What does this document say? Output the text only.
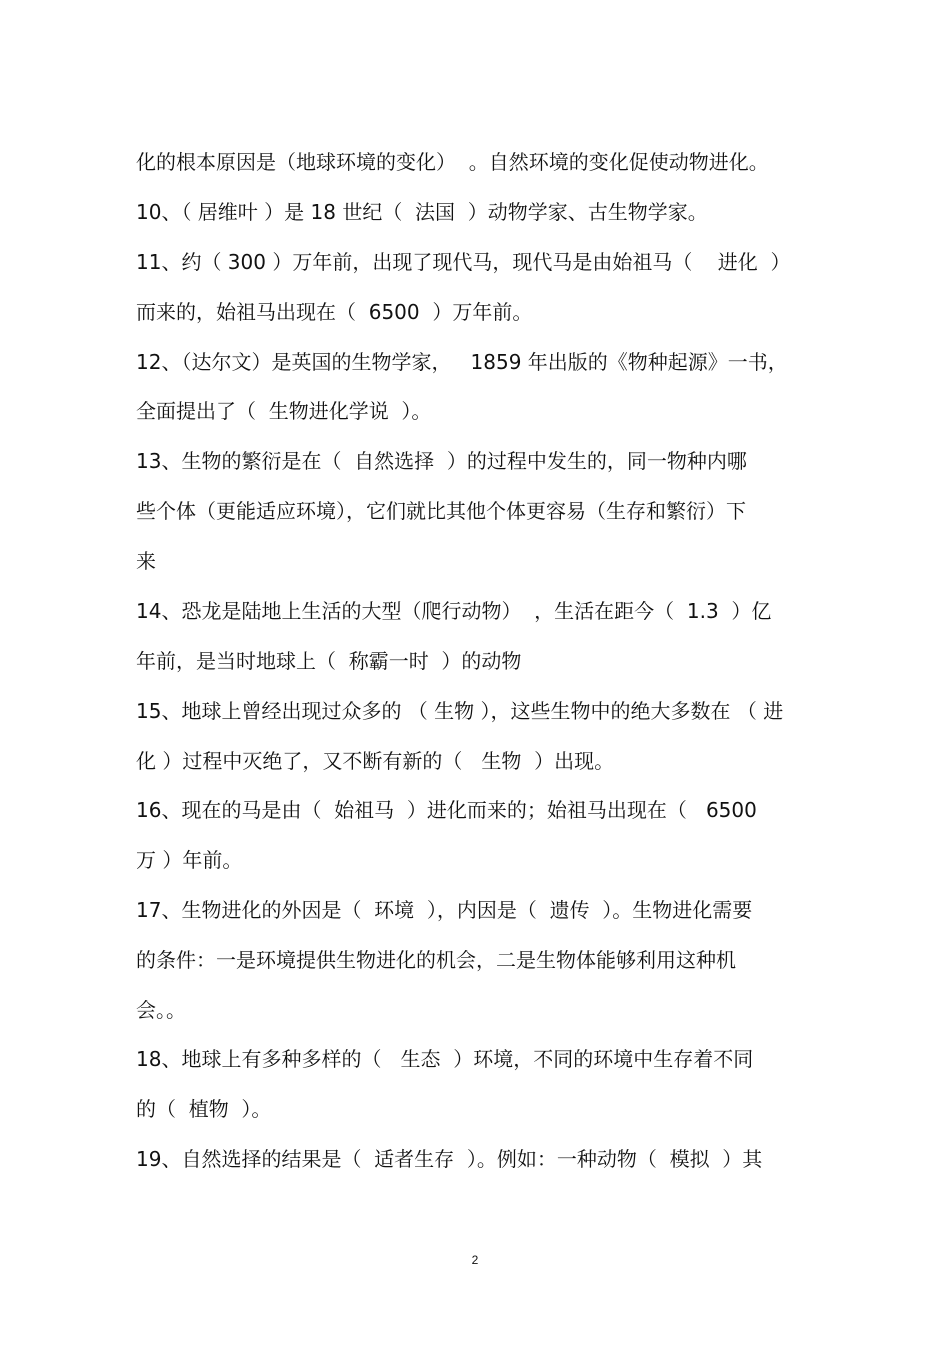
化的根本原因是（地球环境的变化）  。自然环境的变化促使动物进化。
10、（ 居维叶 ）是 18 世纪（  法国  ）动物学家、古生物学家。
11、约（ 300 ）万年前，出现了现代马，现代马是由始祖马（    进化  ）
而来的，始祖马出现在（  6500  ）万年前。
12、（达尔文）是英国的生物学家，   1859 年出版的《物种起源》一书，
全面提出了（  生物进化学说  ）。
13、生物的繁衍是在（  自然选择  ）的过程中发生的，同一物种内哪
些个体（更能适应环境），它们就比其他个体更容易（生存和繁衍）下
来
14、恐龙是陆地上生活的大型（爬行动物）  ，生活在距今（  1.3  ）亿
年前，是当时地球上（  称霸一时  ）的动物
15、地球上曾经出现过众多的 （ 生物 ），这些生物中的绝大多数在 （ 进
化 ）过程中灭绝了，又不断有新的（   生物  ）出现。
16、现在的马是由（  始祖马  ）进化而来的；始祖马出现在（   6500
万 ）年前。
17、生物进化的外因是（  环境  ），内因是（  遗传  ）。生物进化需要
的条件：一是环境提供生物进化的机会，二是生物体能够利用这种机
会。。
18、地球上有多种多样的（   生态  ）环境，不同的环境中生存着不同
的（  植物  ）。
19、自然选择的结果是（  适者生存  ）。例如：一种动物（  模拟  ）其
2
